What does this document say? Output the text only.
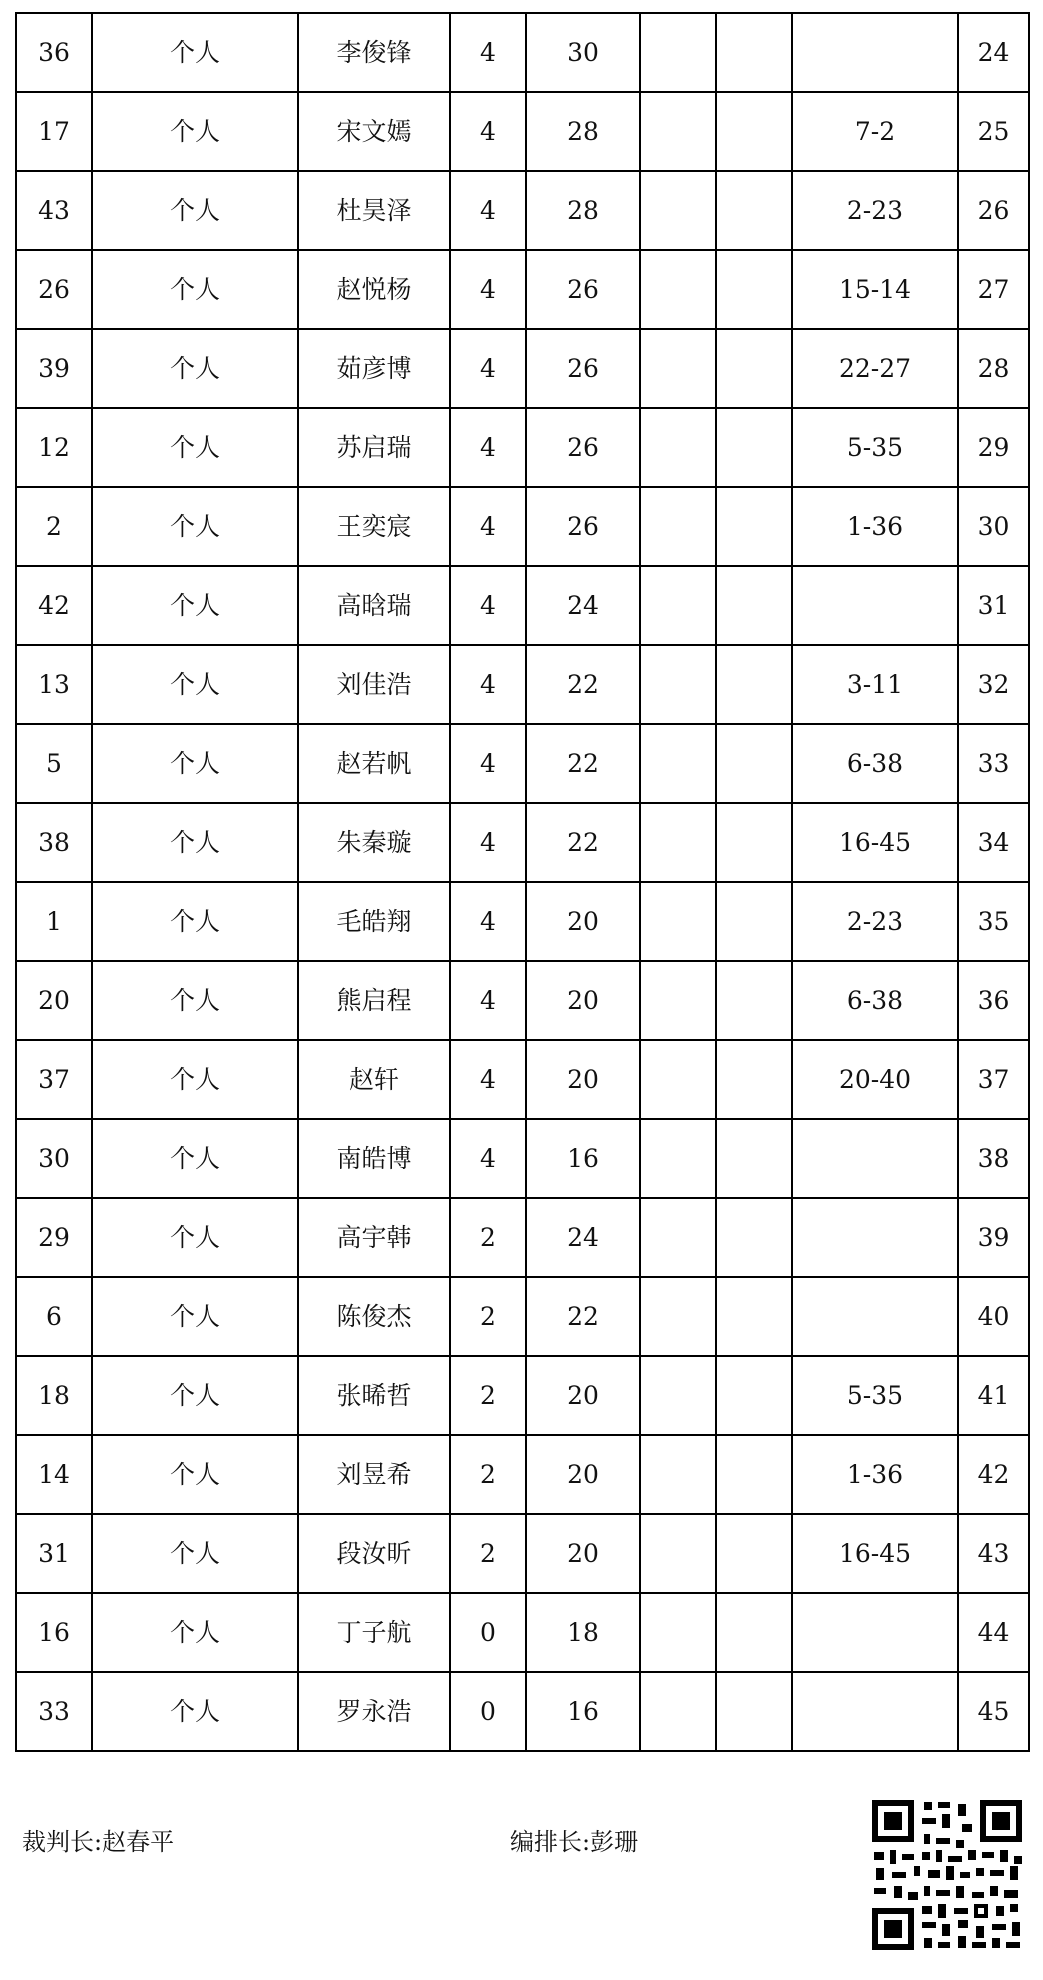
36	个人	李俊锋	4	30				24
17	个人	宋文嫣	4	28			7-2	25
43	个人	杜昊泽	4	28			2-23	26
26	个人	赵悦杨	4	26			15-14	27
39	个人	茹彦博	4	26			22-27	28
12	个人	苏启瑞	4	26			5-35	29
2	个人	王奕宸	4	26			1-36	30
42	个人	高晗瑞	4	24				31
13	个人	刘佳浩	4	22			3-11	32
5	个人	赵若帆	4	22			6-38	33
38	个人	朱秦璇	4	22			16-45	34
1	个人	毛皓翔	4	20			2-23	35
20	个人	熊启程	4	20			6-38	36
37	个人	赵轩	4	20			20-40	37
30	个人	南皓博	4	16				38
29	个人	高宇韩	2	24				39
6	个人	陈俊杰	2	22				40
18	个人	张晞哲	2	20			5-35	41
14	个人	刘昱希	2	20			1-36	42
31	个人	段汝昕	2	20			16-45	43
16	个人	丁子航	0	18				44
33	个人	罗永浩	0	16				45
裁判长:赵春平	编排长:彭珊
